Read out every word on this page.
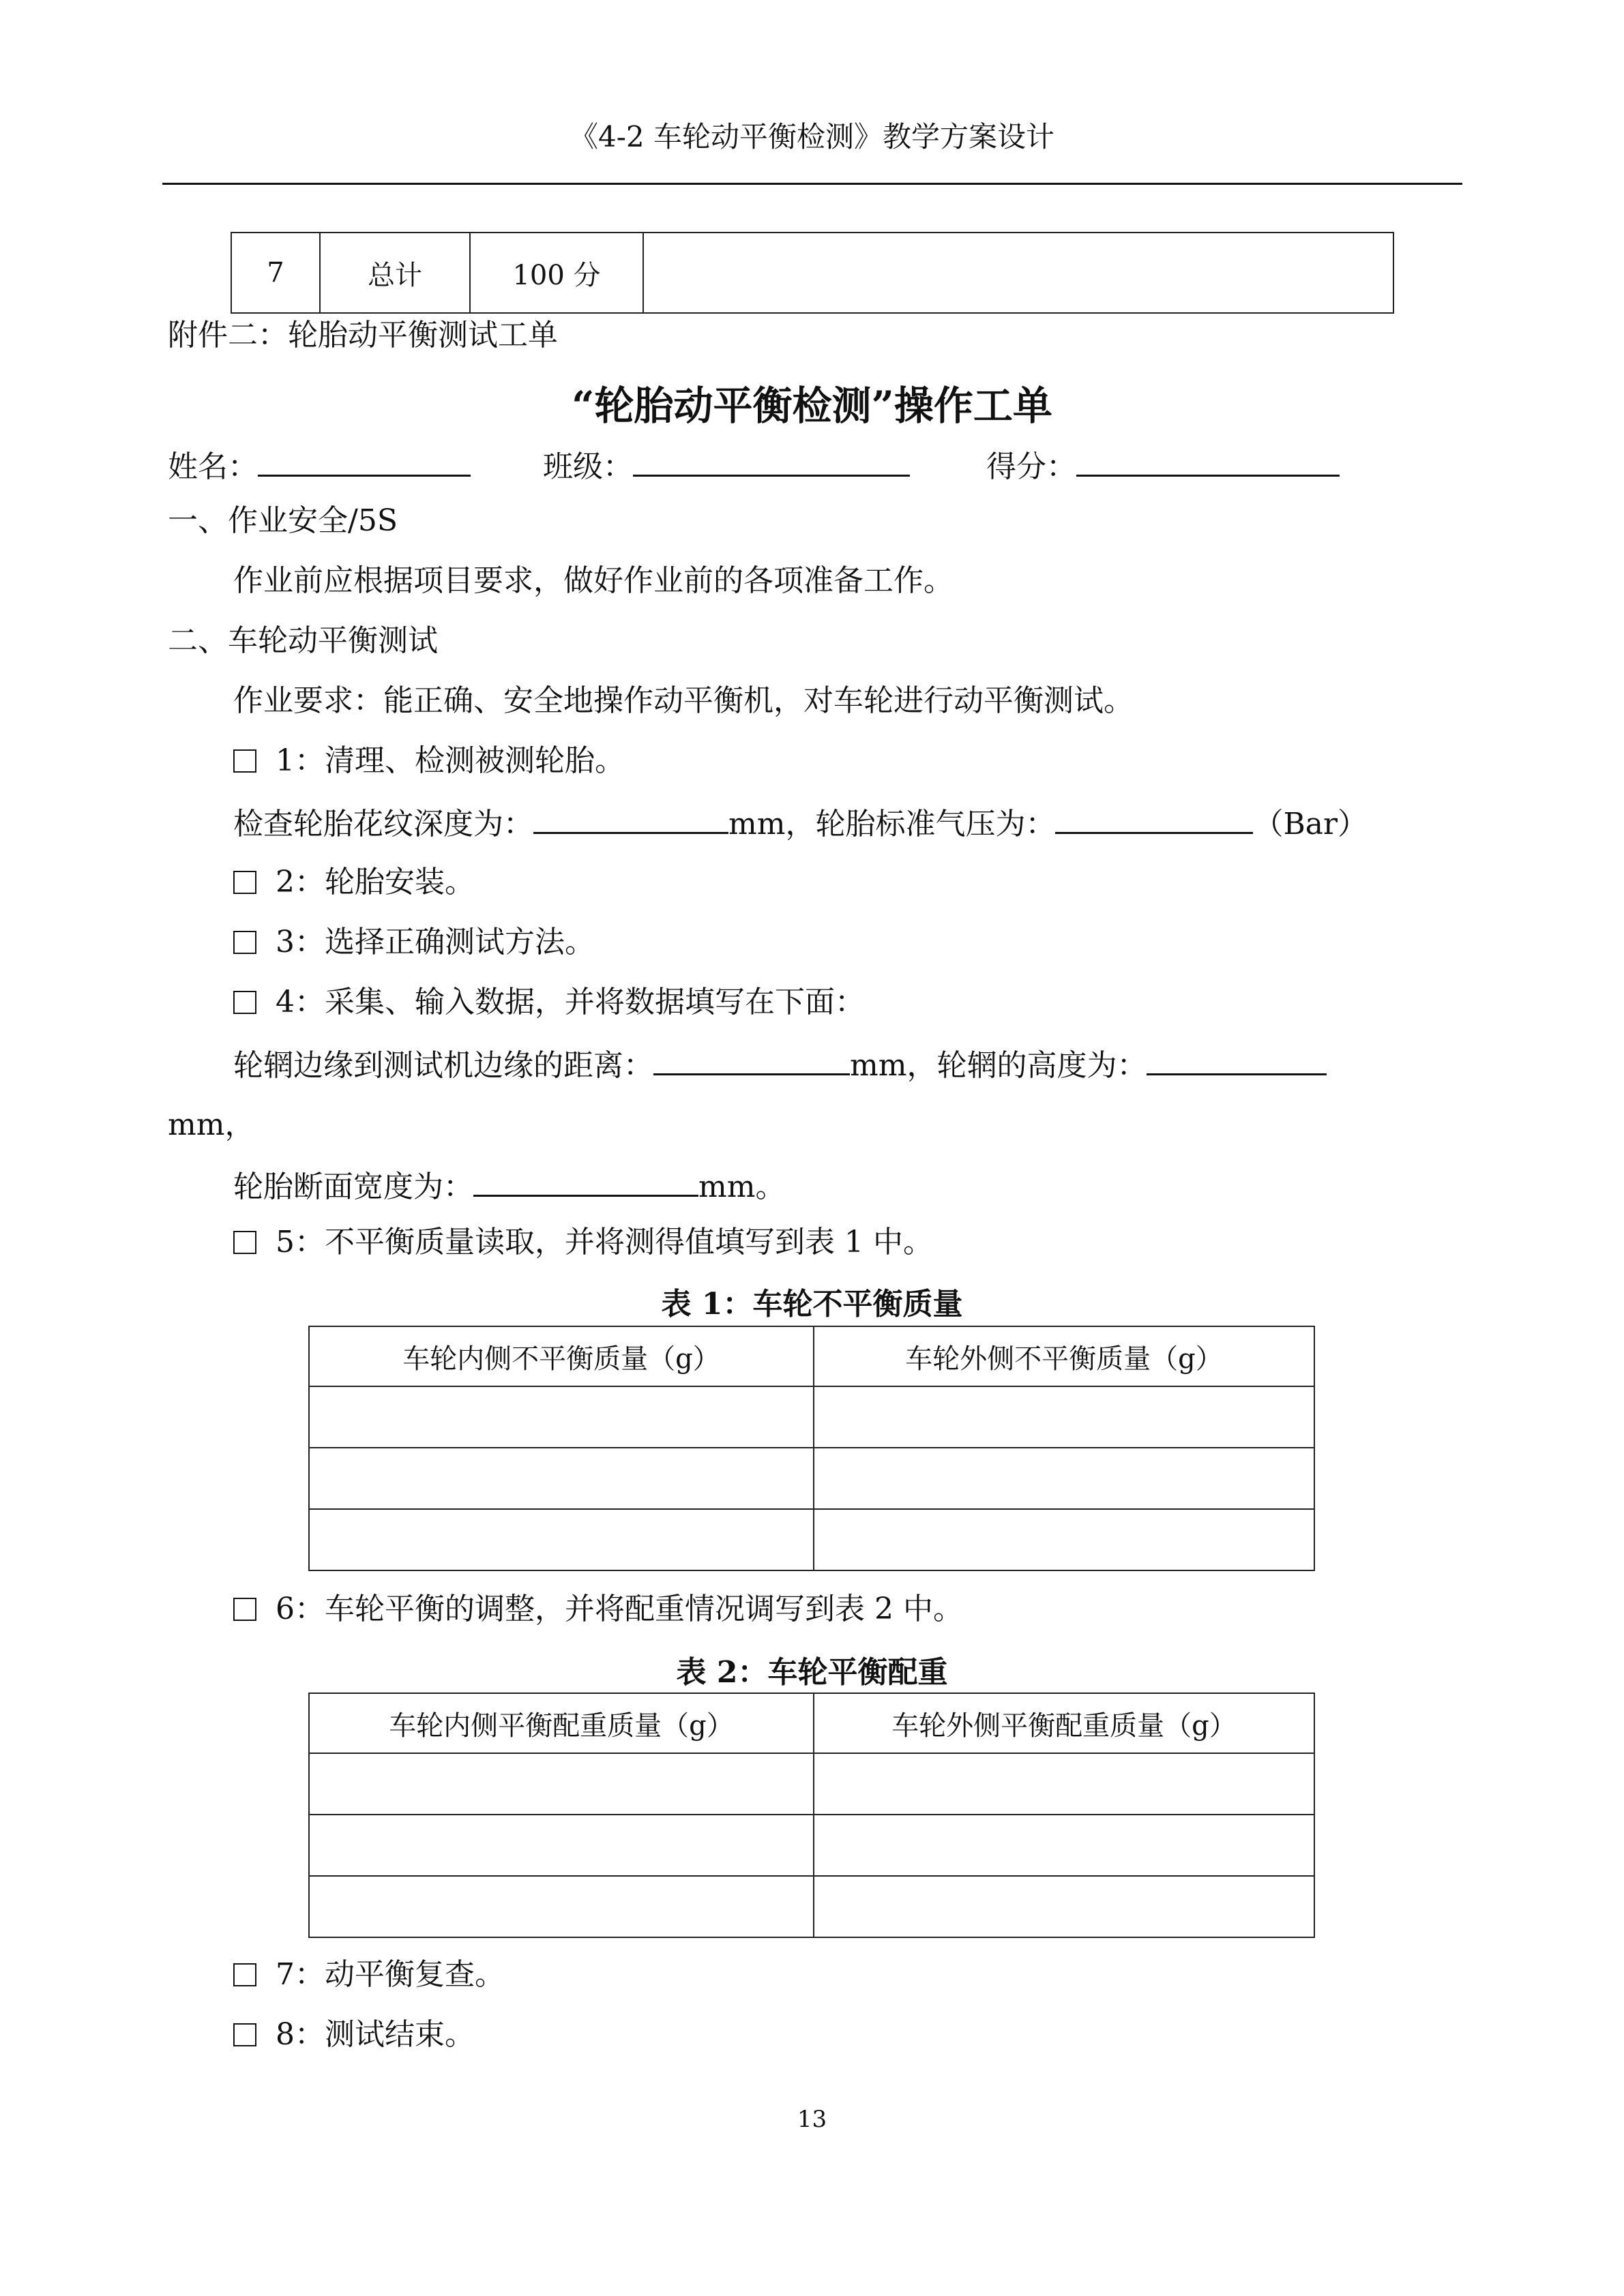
《4-2 车轮动平衡检测》教学方案设计
7	总计	100 分	
附件二：轮胎动平衡测试工单
“轮胎动平衡检测”操作工单
姓名：	班级：	得分：
一、作业安全/5S
作业前应根据项目要求，做好作业前的各项准备工作。
二、车轮动平衡测试
作业要求：能正确、安全地操作动平衡机，对车轮进行动平衡测试。
1：清理、检测被测轮胎。
检查轮胎花纹深度为：	mm，轮胎标准气压为：	（Bar）
2：轮胎安装。
3：选择正确测试方法。
4：采集、输入数据，并将数据填写在下面：
轮辋边缘到测试机边缘的距离：	mm，轮辋的高度为：
mm，
轮胎断面宽度为：	mm。
5：不平衡质量读取，并将测得值填写到表 1 中。
表 1：车轮不平衡质量
车轮内侧不平衡质量（g）	车轮外侧不平衡质量（g）

6：车轮平衡的调整，并将配重情况调写到表 2 中。
表 2：车轮平衡配重
车轮内侧平衡配重质量（g）	车轮外侧平衡配重质量（g）

7：动平衡复查。
8：测试结束。
13
